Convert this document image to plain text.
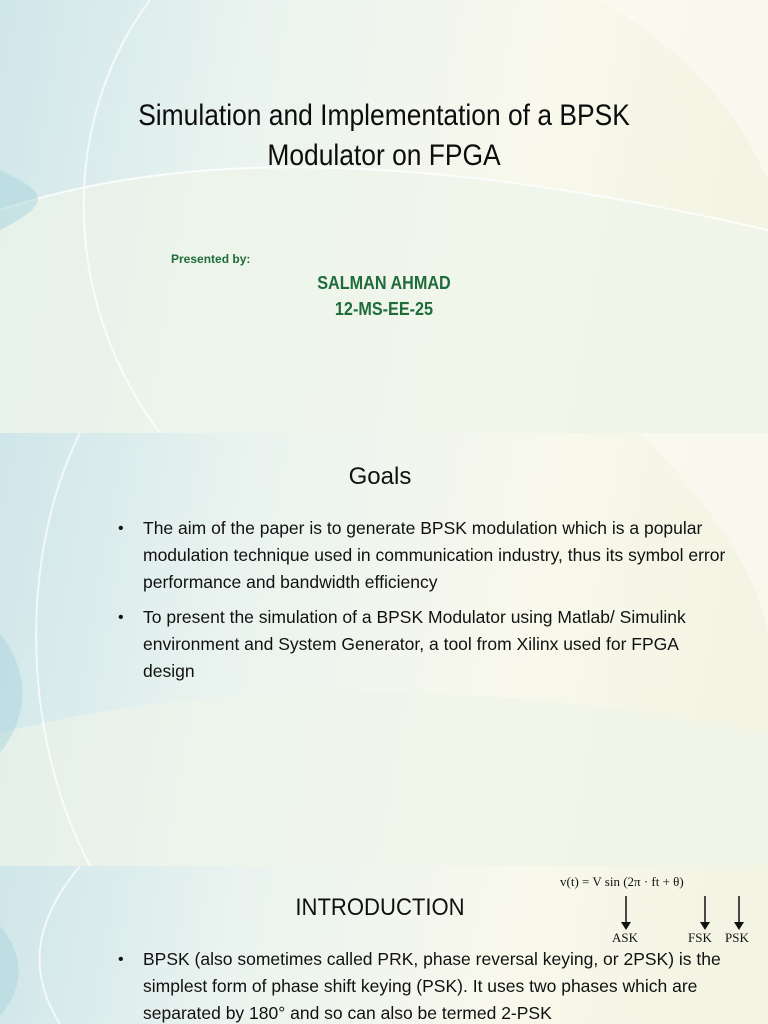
Simulation and Implementation of a BPSK
Modulator on FPGA
Presented by:
SALMAN AHMAD
12-MS-EE-25
Goals
• The aim of the paper is to generate BPSK modulation which is a popular modulation technique used in communication industry, thus its symbol error performance and bandwidth efficiency
• To present the simulation of a BPSK Modulator using Matlab/ Simulink environment and System Generator, a tool from Xilinx used for FPGA design
INTRODUCTION
v(t) = V sin (2π · ft + θ)
ASK	FSK PSK
• BPSK (also sometimes called PRK, phase reversal keying, or 2PSK) is the simplest form of phase shift keying (PSK). It uses two phases which are separated by 180° and so can also be termed 2-PSK
